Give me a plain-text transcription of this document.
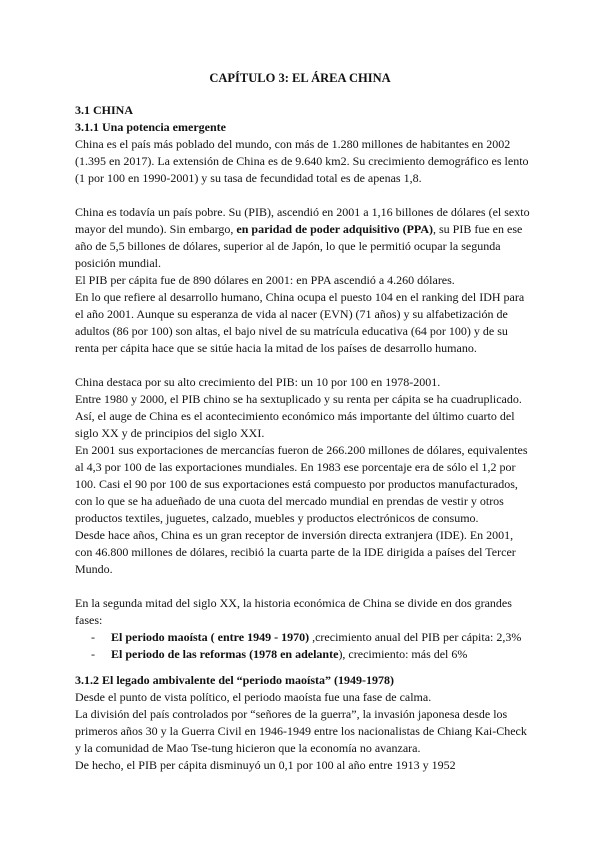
CAPÍTULO 3: EL ÁREA CHINA

3.1 CHINA

3.1.1 Una potencia emergente

China es el país más poblado del mundo, con más de 1.280 millones de habitantes en 2002 (1.395 en 2017). La extensión de China es de 9.640 km2. Su crecimiento demográfico es lento (1 por 100 en 1990-2001) y su tasa de fecundidad total es de apenas 1,8.

China es todavía un país pobre. Su (PIB), ascendió en 2001 a 1,16 billones de dólares (el sexto mayor del mundo). Sin embargo, en paridad de poder adquisitivo (PPA), su PIB fue en ese año de 5,5 billones de dólares, superior al de Japón, lo que le permitió ocupar la segunda posición mundial.

El PIB per cápita fue de 890 dólares en 2001: en PPA ascendió a 4.260 dólares.

En lo que refiere al desarrollo humano, China ocupa el puesto 104 en el ranking del IDH para el año 2001. Aunque su esperanza de vida al nacer (EVN) (71 años) y su alfabetización de adultos (86 por 100) son altas, el bajo nivel de su matrícula educativa (64 por 100) y de su renta per cápita hace que se sitúe hacia la mitad de los países de desarrollo humano.

China destaca por su alto crecimiento del PIB: un 10 por 100 en 1978-2001.

Entre 1980 y 2000, el PIB chino se ha sextuplicado y su renta per cápita se ha cuadruplicado. Así, el auge de China es el acontecimiento económico más importante del último cuarto del siglo XX y de principios del siglo XXI.

En 2001 sus exportaciones de mercancías fueron de 266.200 millones de dólares, equivalentes al 4,3 por 100 de las exportaciones mundiales. En 1983 ese porcentaje era de sólo el 1,2 por 100. Casi el 90 por 100 de sus exportaciones está compuesto por productos manufacturados, con lo que se ha adueñado de una cuota del mercado mundial en prendas de vestir y otros productos textiles, juguetes, calzado, muebles y productos electrónicos de consumo.

Desde hace años, China es un gran receptor de inversión directa extranjera (IDE). En 2001, con 46.800 millones de dólares, recibió la cuarta parte de la IDE dirigida a países del Tercer Mundo.

En la segunda mitad del siglo XX, la historia económica de China se divide en dos grandes fases:

- El periodo maoísta ( entre 1949 - 1970) ,crecimiento anual del PIB per cápita: 2,3%
- El periodo de las reformas (1978 en adelante), crecimiento: más del 6%

3.1.2 El legado ambivalente del “periodo maoísta” (1949-1978)

Desde el punto de vista político, el periodo maoísta fue una fase de calma.

La división del país controlados por “señores de la guerra”, la invasión japonesa desde los primeros años 30 y la Guerra Civil en 1946-1949 entre los nacionalistas de Chiang Kai-Check y la comunidad de Mao Tse-tung hicieron que la economía no avanzara.

De hecho, el PIB per cápita disminuyó un 0,1 por 100 al año entre 1913 y 1952
